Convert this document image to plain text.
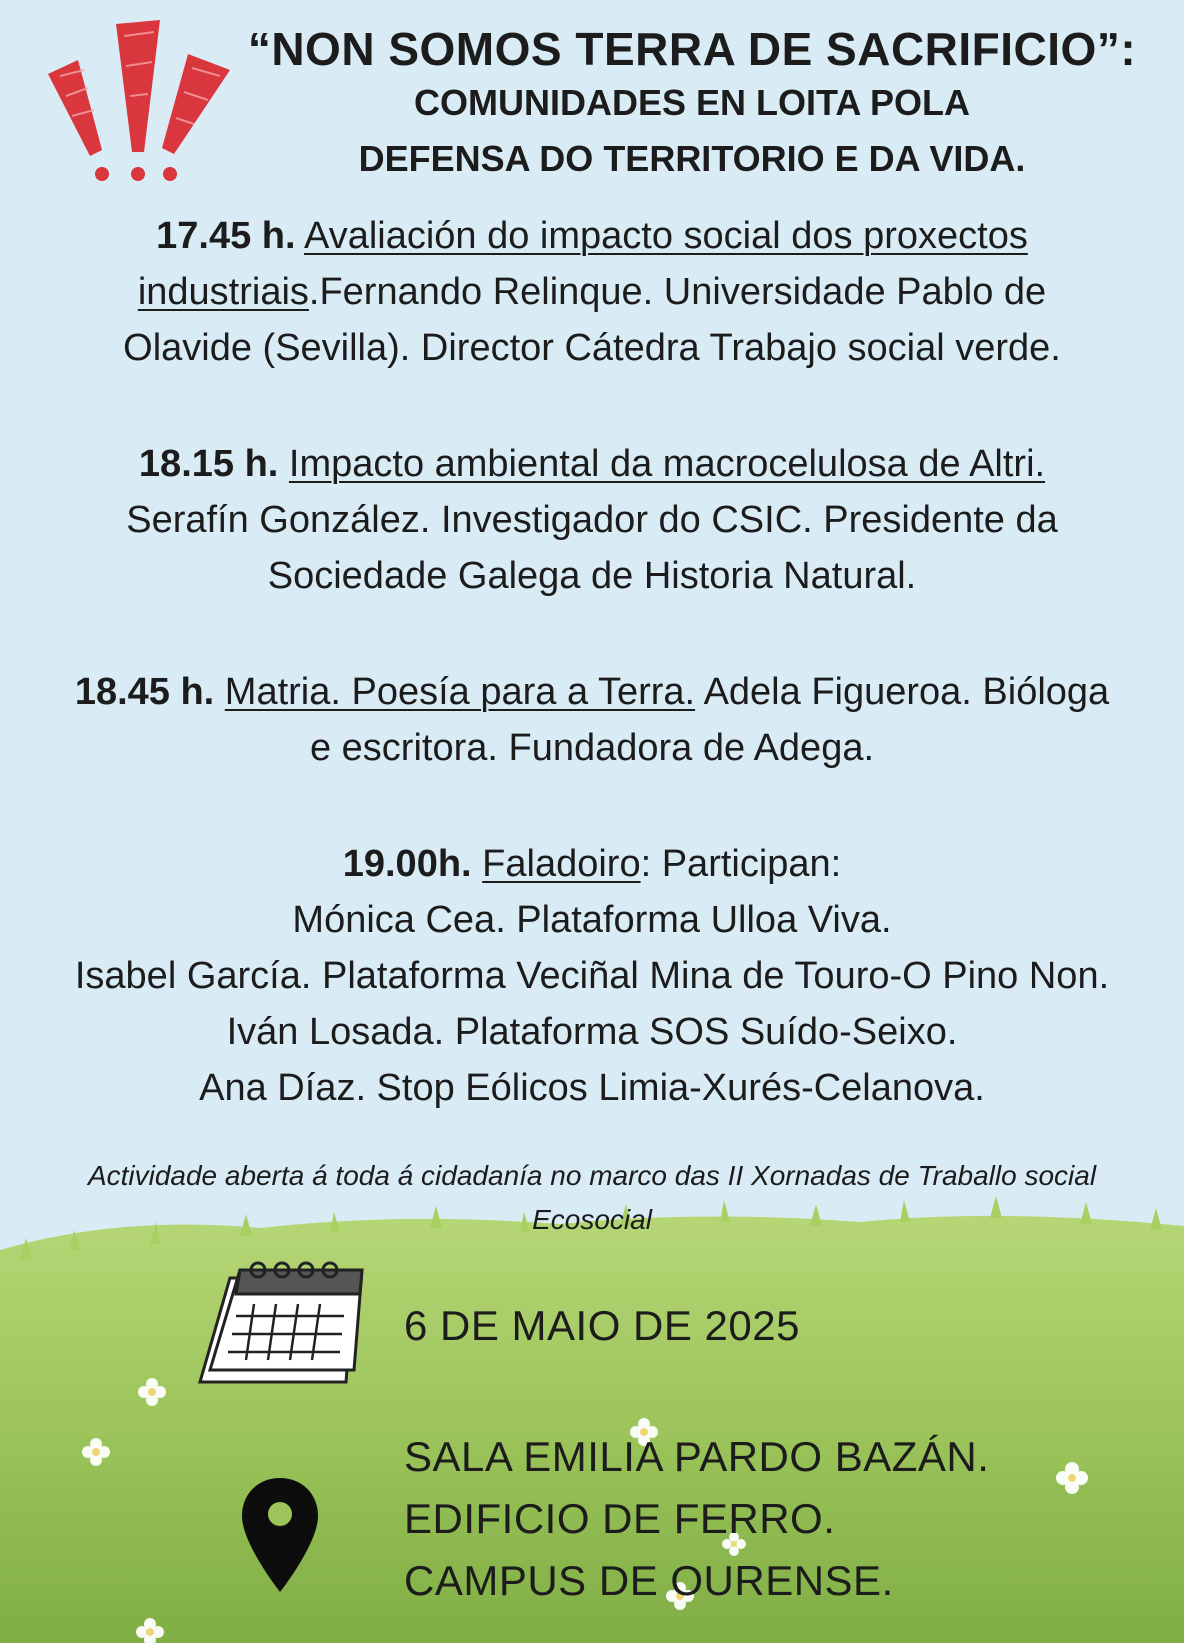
“NON SOMOS TERRA DE SACRIFICIO”:
COMUNIDADES EN LOITA POLA
DEFENSA DO TERRITORIO E DA VIDA.
17.45 h. Avaliación do impacto social dos proxectos
industriais.Fernando Relinque. Universidade Pablo de
Olavide (Sevilla). Director Cátedra Trabajo social verde.
18.15 h. Impacto ambiental da macrocelulosa de Altri.
Serafín González. Investigador do CSIC. Presidente da
Sociedade Galega de Historia Natural.
18.45 h. Matria. Poesía para a Terra. Adela Figueroa. Bióloga
e escritora. Fundadora de Adega.
19.00h. Faladoiro: Participan:
Mónica Cea. Plataforma Ulloa Viva.
Isabel García. Plataforma Veciñal Mina de Touro-O Pino Non.
Iván Losada. Plataforma SOS Suído-Seixo.
Ana Díaz. Stop Eólicos Limia-Xurés-Celanova.
Actividade aberta á toda á cidadanía no marco das II Xornadas de Traballo social
Ecosocial
6 DE MAIO DE 2025
SALA EMILIA PARDO BAZÁN.
EDIFICIO DE FERRO.
CAMPUS DE OURENSE.
